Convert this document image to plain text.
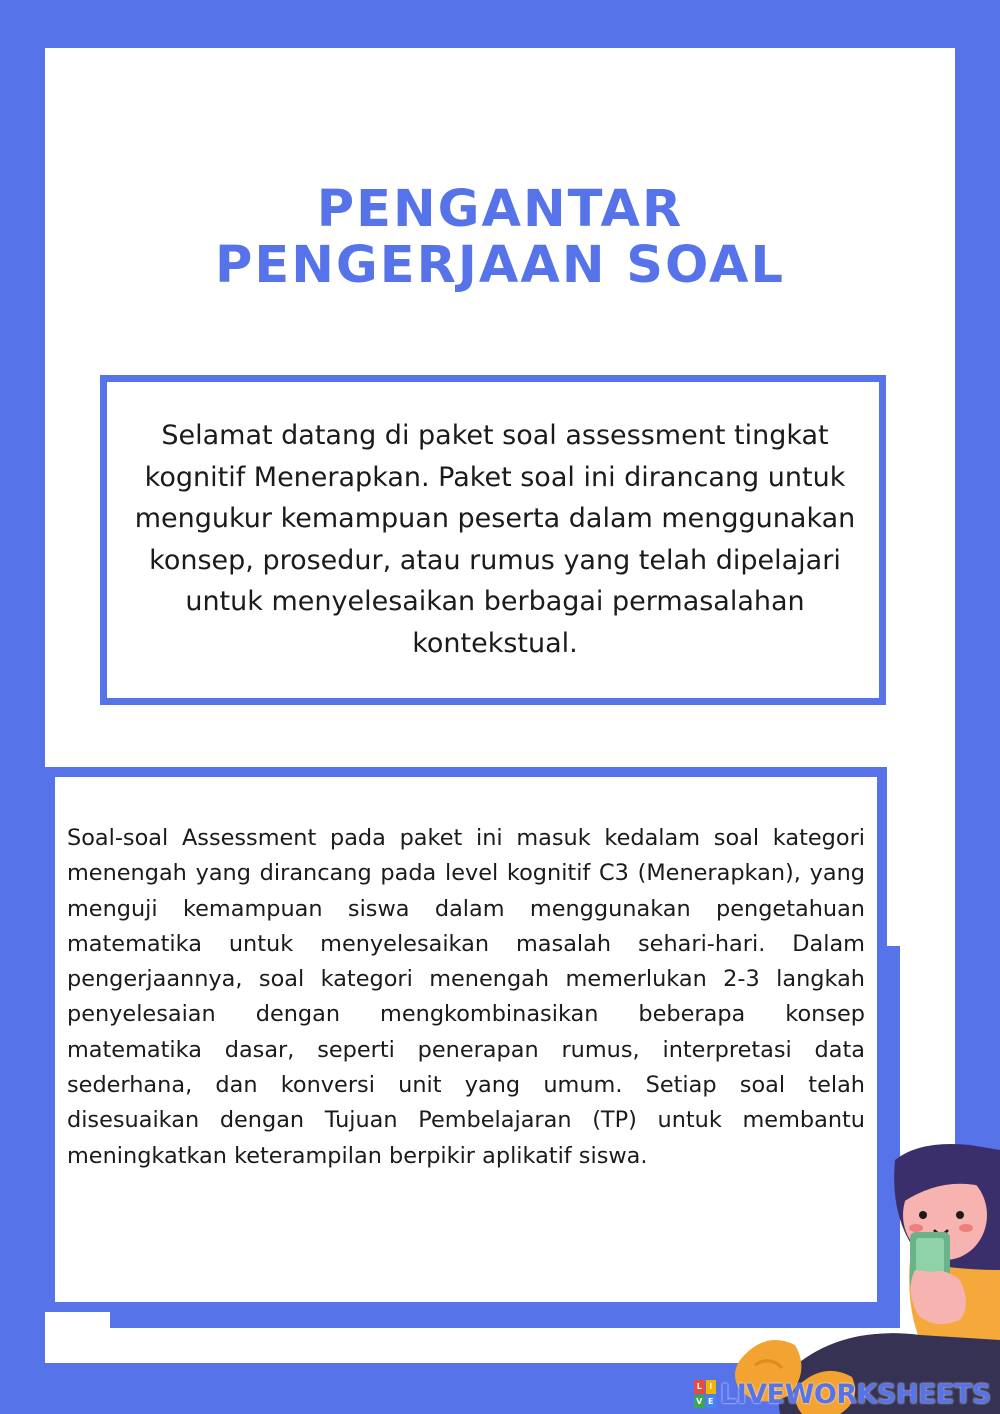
PENGANTAR
PENGERJAAN SOAL

Selamat datang di paket soal assessment tingkat kognitif Menerapkan. Paket soal ini dirancang untuk mengukur kemampuan peserta dalam menggunakan konsep, prosedur, atau rumus yang telah dipelajari untuk menyelesaikan berbagai permasalahan kontekstual.

Soal-soal Assessment pada paket ini masuk kedalam soal kategori menengah yang dirancang pada level kognitif C3 (Menerapkan), yang menguji kemampuan siswa dalam menggunakan pengetahuan matematika untuk menyelesaikan masalah sehari-hari. Dalam pengerjaannya, soal kategori menengah memerlukan 2-3 langkah penyelesaian dengan mengkombinasikan beberapa konsep matematika dasar, seperti penerapan rumus, interpretasi data sederhana, dan konversi unit yang umum. Setiap soal telah disesuaikan dengan Tujuan Pembelajaran (TP) untuk membantu meningkatkan keterampilan berpikir aplikatif siswa.

L I
V E LIVEWORKSHEETS
